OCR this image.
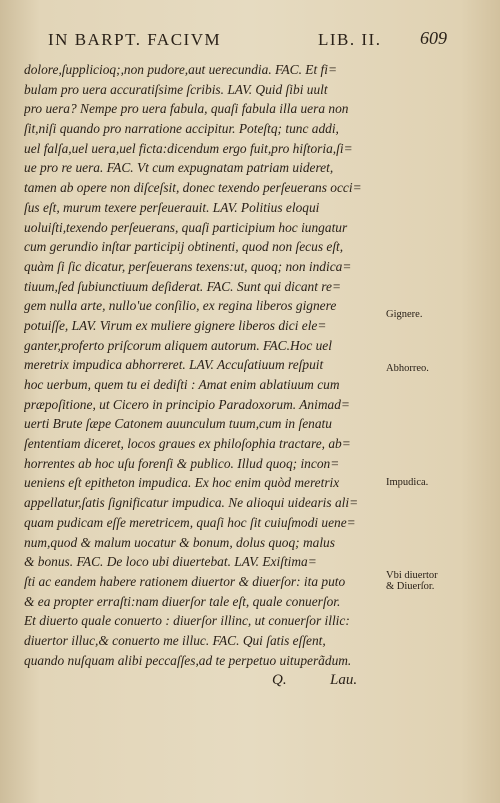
IN BARPT. FACIVM	LIB. II. 609
dolore,ſupplicioq;,non pudore,aut uerecundia. FAC. Et fi=
bulam pro uera accuratiſsime ſcribis. LAV. Quid ſibi uult
pro uera? Nempe pro uera fabula, quaſi fabula illa uera non
ſit,niſi quando pro narratione accipitur. Poteſtq; tunc addi,
uel falſa,uel uera,uel ficta:dicendum ergo fuit,pro hiſtoria,ſi=
ue pro re uera. FAC. Vt cum expugnatam patriam uideret,
tamen ab opere non diſceſsit, donec texendo perſeuerans occi=
ſus eſt, murum texere perſeuerauit. LAV. Politius eloqui
uoluiſti,texendo perſeuerans, quaſi participium hoc iungatur
cum gerundio inſtar participij obtinenti, quod non ſecus eſt,
quàm ſi ſic dicatur, perſeuerans texens:ut, quoq; non indica=
tiuum,ſed ſubiunctiuum deſiderat. FAC. Sunt qui dicant re=
gem nulla arte, nullo'ue conſilio, ex regina liberos gignere
potuiſſe, LAV. Virum ex muliere gignere liberos dici ele=
ganter,proferto priſcorum aliquem autorum. FAC.Hoc uel
meretrix impudica abhorreret. LAV. Accuſatiuum reſpuit
hoc uerbum, quem tu ei dediſti : Amat enim ablatiuum cum
præpoſitione, ut Cicero in principio Paradoxorum. Animad=
uerti Brute ſæpe Catonem auunculum tuum,cum in ſenatu
ſententiam diceret, locos graues ex philoſophia tractare, ab=
horrentes ab hoc uſu forenſi & publico. Illud quoq; incon=
ueniens eſt epitheton impudica. Ex hoc enim quòd meretrix
appellatur,ſatis ſignificatur impudica. Ne alioqui uidearis ali=
quam pudicam eſſe meretricem, quaſi hoc ſit cuiuſmodi uene=
num,quod & malum uocatur & bonum, dolus quoq; malus
& bonus. FAC. De loco ubi diuertebat. LAV. Exiſtima=
ſti ac eandem habere rationem diuertor & diuerſor: ita puto
& ea propter erraſti:nam diuerſor tale eſt, quale conuerſor.
Et diuerto quale conuerto : diuerſor illinc, ut conuerſor illic:
diuertor illuc,& conuerto me illuc. FAC. Qui ſatis eſſent,
quando nuſquam alibi peccaſſes,ad te perpetuo uituperãdum.
Gignere.
Abhorreo.
Impudica.
Vbi diuertor
& Diuerſor.
Q.	Lau.
